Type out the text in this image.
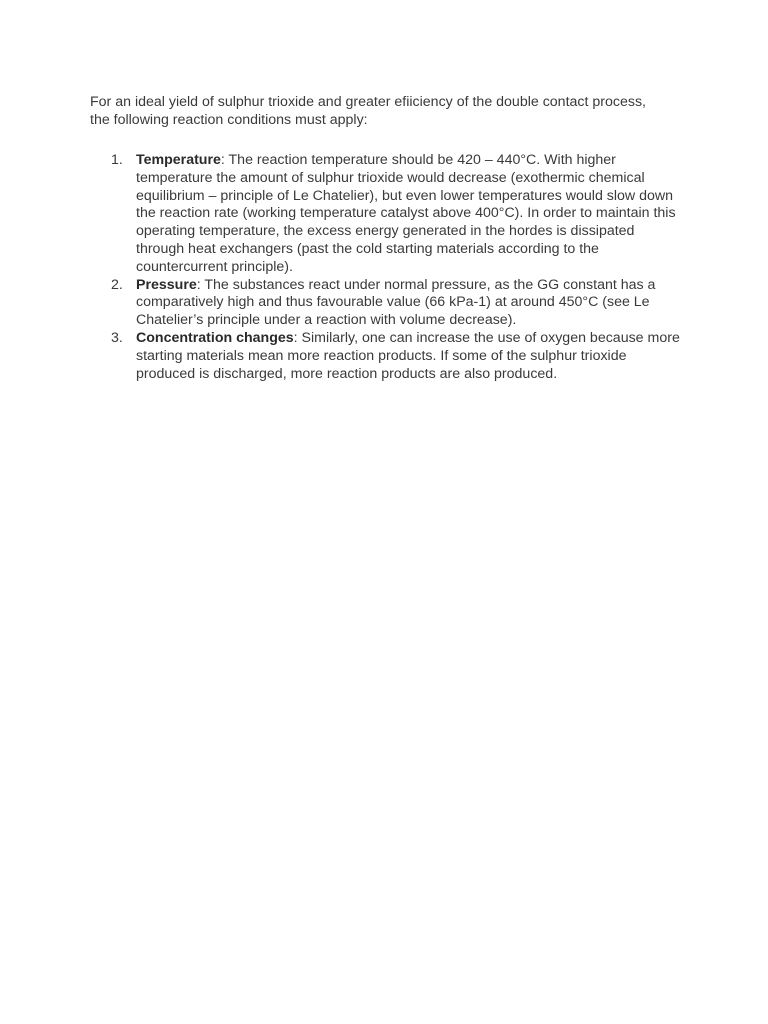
For an ideal yield of sulphur trioxide and greater efiiciency of the double contact process, the following reaction conditions must apply:

1. Temperature: The reaction temperature should be 420 – 440°C. With higher temperature the amount of sulphur trioxide would decrease (exothermic chemical equilibrium – principle of Le Chatelier), but even lower temperatures would slow down the reaction rate (working temperature catalyst above 400°C). In order to maintain this operating temperature, the excess energy generated in the hordes is dissipated through heat exchangers (past the cold starting materials according to the countercurrent principle).
2. Pressure: The substances react under normal pressure, as the GG constant has a comparatively high and thus favourable value (66 kPa-1) at around 450°C (see Le Chatelier’s principle under a reaction with volume decrease).
3. Concentration changes: Similarly, one can increase the use of oxygen because more starting materials mean more reaction products. If some of the sulphur trioxide produced is discharged, more reaction products are also produced.
